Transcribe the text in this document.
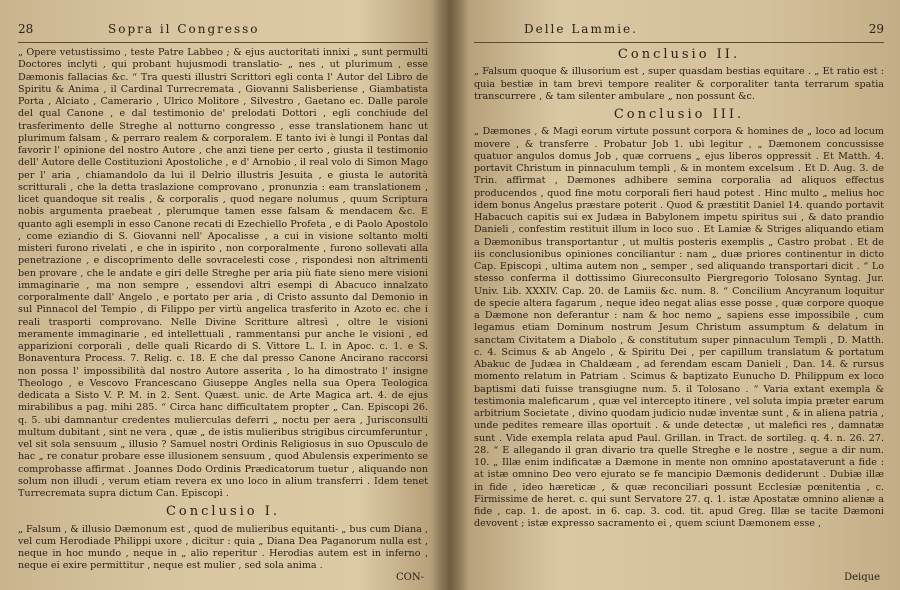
28	Sopra il Congresso

„ Opere vetustissimo , teste Patre Labbeo ; & ejus auctoritati innixi „ sunt permulti Doctores inclyti , qui probant hujusmodi translatio- „ nes , ut plurimum , esse Dæmonis fallacias &c. “ Tra questi illustri Scrittori egli conta l' Autor del Libro de Spiritu & Anima , il Cardinal Turrecremata , Giovanni Salisberiense , Giambatista Porta , Alciato , Camerario , Ulrico Molitore , Silvestro , Gaetano ec. Dalle parole del qual Canone , e dal testimonio de' prelodati Dottori , egli conchiude del trasferimento delle Streghe al notturno congresso , esse translationem hanc ut plurimum falsam , & perraro realem & corporalem. E tanto ivi è lungi il Pontas dal favorir l' opinione del nostro Autore , che anzi tiene per certo , giusta il testimonio dell' Autore delle Costituzioni Apostoliche , e d' Arnobio , il real volo di Simon Mago per l' aria , chiamandolo da lui il Delrio illustris Jesuita , e giusta le autorità scritturali , che la detta traslazione comprovano , pronunzia : eam translationem , licet quandoque sit realis , & corporalis , quod negare nolumus , quum Scriptura nobis argumenta praebeat , plerumque tamen esse falsam & mendacem &c. E quanto agli esempli in esso Canone recati di Ezechiello Profeta , e di Paolo Apostolo , come eziandio di S. Giovanni nell' Apocalisse , a cui in visione soltanto molti misteri furono rivelati , e che in ispirito , non corporalmente , furono sollevati alla penetrazione , e discoprimento delle sovracelesti cose , rispondesi non altrimenti ben provare , che le andate e giri delle Streghe per aria più fiate sieno mere visioni immaginarie , ma non sempre , essendovi altri esempi di Abacuco innalzato corporalmente dall' Angelo , e portato per aria , di Cristo assunto dal Demonio in sul Pinnacol del Tempio , di Filippo per virtù angelica trasferito in Azoto ec. che i reali trasporti comprovano. Nelle Divine Scritture altresì , oltre le visioni meramente immaginarie , ed intellettuali , rammentansi pur anche le visioni , ed apparizioni corporali , delle quali Ricardo di S. Vittore L. I. in Apoc. c. 1. e S. Bonaventura Process. 7. Relig. c. 18. E che dal presso Canone Ancirano raccorsi non possa l' impossibilità dal nostro Autore asserita , lo ha dimostrato l' insigne Theologo , e Vescovo Francescano Giuseppe Angles nella sua Opera Teologica dedicata a Sisto V. P. M. in 2. Sent. Quæst. unic. de Arte Magica art. 4. de ejus mirabilibus a pag. mihi 285. “ Circa hanc difficultatem propter „ Can. Episcopi 26. q. 5. ubi damnantur credentes mulierculas deferri „ noctu per aera , Jurisconsulti multum dubitant , sint ne vera , quæ „ de istis mulieribus strigibus circumferuntur , vel sit sola sensuum „ illusio ? Samuel nostri Ordinis Religiosus in suo Opusculo de hac „ re conatur probare esse illusionem sensuum , quod Abulensis experimento se comprobasse affirmat . Joannes Dodo Ordinis Prædicatorum tuetur , aliquando non solum non illudi , verum etiam revera ex uno loco in alium transferri . Idem tenet Turrecremata supra dictum Can. Episcopi .

Conclusio I.

„ Falsum , & illusio Dæmonum est , quod de mulieribus equitanti- „ bus cum Diana , vel cum Herodiade Philippi uxore , dicitur : quia „ Diana Dea Paganorum nulla est , neque in hoc mundo , neque in „ alio reperitur . Herodias autem est in inferno , neque ei exire permittitur , neque est mulier , sed sola anima .

CON-
Delle Lammie.	29
Conclusio II.

„ Falsum quoque & illusorium est , super quasdam bestias equitare . „ Et ratio est : quia bestiæ in tam brevi tempore realiter & corporaliter tanta terrarum spatia transcurrere , & tam silenter ambulare „ non possunt &c.

Conclusio III.

„ Dæmones , & Magi eorum virtute possunt corpora & homines de „ loco ad locum movere , & transferre . Probatur Job 1. ubi legitur , „ Dæmonem concussisse quatuor angulos domus Job , quæ corruens „ ejus liberos oppressit . Et Matth. 4. portavit Christum in pinnaculum templi , & in montem excelsum . Et D. Aug. 3. de Trin. affirmat , Dæmones adhibere semina corporalia ad aliquos effectus producendos , quod fine motu corporali fieri haud potest . Hinc multo „ melius hoc idem bonus Angelus præstare poterit . Quod & præstitit Daniel 14. quando portavit Habacuch capitis sui ex Judæa in Babylonem impetu spiritus sui , & dato prandio Danieli , confestim restituit illum in loco suo . Et Lamiæ & Striges aliquando etiam a Dæmonibus transportantur , ut multis posteris exemplis „ Castro probat . Et de iis conclusionibus opiniones conciliantur : nam „ duæ priores continentur in dicto Cap. Episcopi , ultima autem non „ semper , sed aliquando transportari dicit . “ Lo stesso conferma il dottissimo Giureconsulto Piergregorio Tolosano Syntag. Jur. Univ. Lib. XXXIV. Cap. 20. de Lamiis &c. num. 8. “ Concilium Ancyranum loquitur de specie altera fagarum , neque ideo negat alias esse posse , quæ corpore quoque a Dæmone non deferantur : nam & hoc nemo „ sapiens esse impossibile , cum legamus etiam Dominum nostrum Jesum Christum assumptum & delatum in sanctam Civitatem a Diabolo , & constitutum super pinnaculum Templi , D. Matth. c. 4. Scimus & ab Angelo , & Spiritu Dei , per capillum translatum & portatum Abakuc de Judæa in Chaldæam , ad ferendam escam Danieli , Dan. 14. & rursus momento relatum in Patriam . Scimus & baptizato Eunucho D. Philippum ex loco baptismi dati fuisse transgiugne num. 5. il Tolosano . “ Varia extant exempla & testimonia maleficarum , quæ vel intercepto itinere , vel soluta impia præter earum arbitrium Societate , divino quodam judicio nudæ inventæ sunt , & in aliena patria , unde pedites remeare illas oportuit . & unde detectæ , ut malefici res , damnatæ sunt . Vide exempla relata apud Paul. Grillan. in Tract. de sortileg. q. 4. n. 26. 27. 28. “ E allegando il gran divario tra quelle Streghe e le nostre , segue a dir num. 10. „ Illæ enim indificatæ a Dæmone in mente non omnino apostataverunt a fide : at istæ omnino Deo vero ejurato se fe mancipio Dæmonis dediderunt . Dubiæ illæ in fide , ideo hæreticæ , & quæ reconciliari possunt Ecclesiæ pœnitentia , c. Firmissime de heret. c. qui sunt Servatore 27. q. 1. istæ Apostatæ omnino alienæ a fide , cap. 1. de apost. in 6. cap. 3. cod. tit. apud Greg. Illæ se tacite Dæmoni devovent ; istæ expresso sacramento ei , quem sciunt Dæmonem esse ,

Deique
